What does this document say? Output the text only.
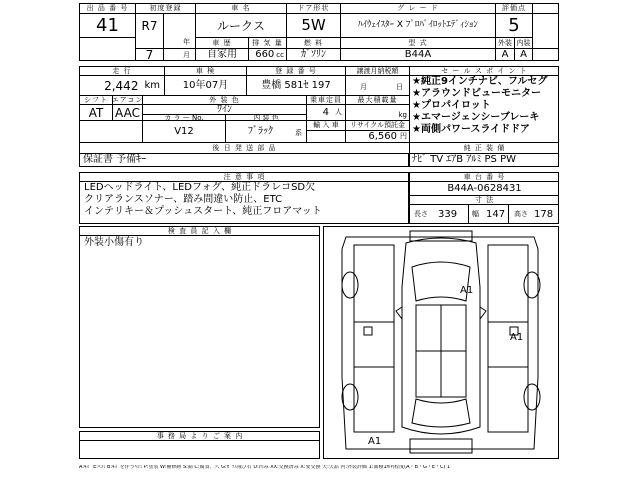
出 品 番 号
41
初度登録
R 7
年
7	月
車 名
ルークス
ドア形状
5W
グ レ ー ド
ﾊｲｳｪｲｽﾀｰ X ﾌﾟﾛﾊﾟｲﾛｯﾄｴﾃﾞｨｼｮﾝ
評価点
5
車 歴
自家用
排 気 量
660 cc
燃 料
ｶﾞｿﾘﾝ
型 式
B44A
外装
A
内装
A
走 行
2,442 km
車 検
10年07月
登 録 番 号
豊橋 581ｾ 197
譲渡月納税額
月	日
セ ー ル ス ポ イ ン ト
★純正9インチナビ、フルセグ
★アラウンドビューモニター
★プロパイロット
★エマージェンシーブレーキ
★両側パワースライドドア
シフト
AT
エアコン
AAC
外 装 色
ﾜｲﾝ
カ ラ ー No.	内 装 色
V12	ﾌﾞﾗｯｸ	系
乗車定員
4 人
最大積載量
kg
輸 入 車	リサイクル預託金
6,560 円
後 日 発 送 部 品	純 正 装 備
保証書 予備ｷｰ	ﾅﾋﾞ TV ｴｱB ｱﾙﾐ PS PW
注 意 事 項
LEDヘッドライト、LEDフォグ、純正ドラレコSD欠
クリアランスソナー、踏み間違い防止、ETC
インテリキー＆プッシュスタート、純正フロアマット
車 台 番 号
B44A-0628431
寸 法
長さ 339 幅 147 高さ 178
検 査 員 記 入 欄
外装小傷有り
事 務 局 よ り ご 案 内
A1
A1
A1
A:ｷｽﾞ E:ﾍｺﾐ B:ｷｽﾞを伴うﾍｺﾐ P:塗装 W:補修跡 S:錆 C:腐食、穴 G:ｶﾞﾗｽ飛び石 U:凹み XX:交換済み X:要交換 矢:欠品 内:外装評価 1:面積1ｶ所程度(A・B・G・E・C) 1
